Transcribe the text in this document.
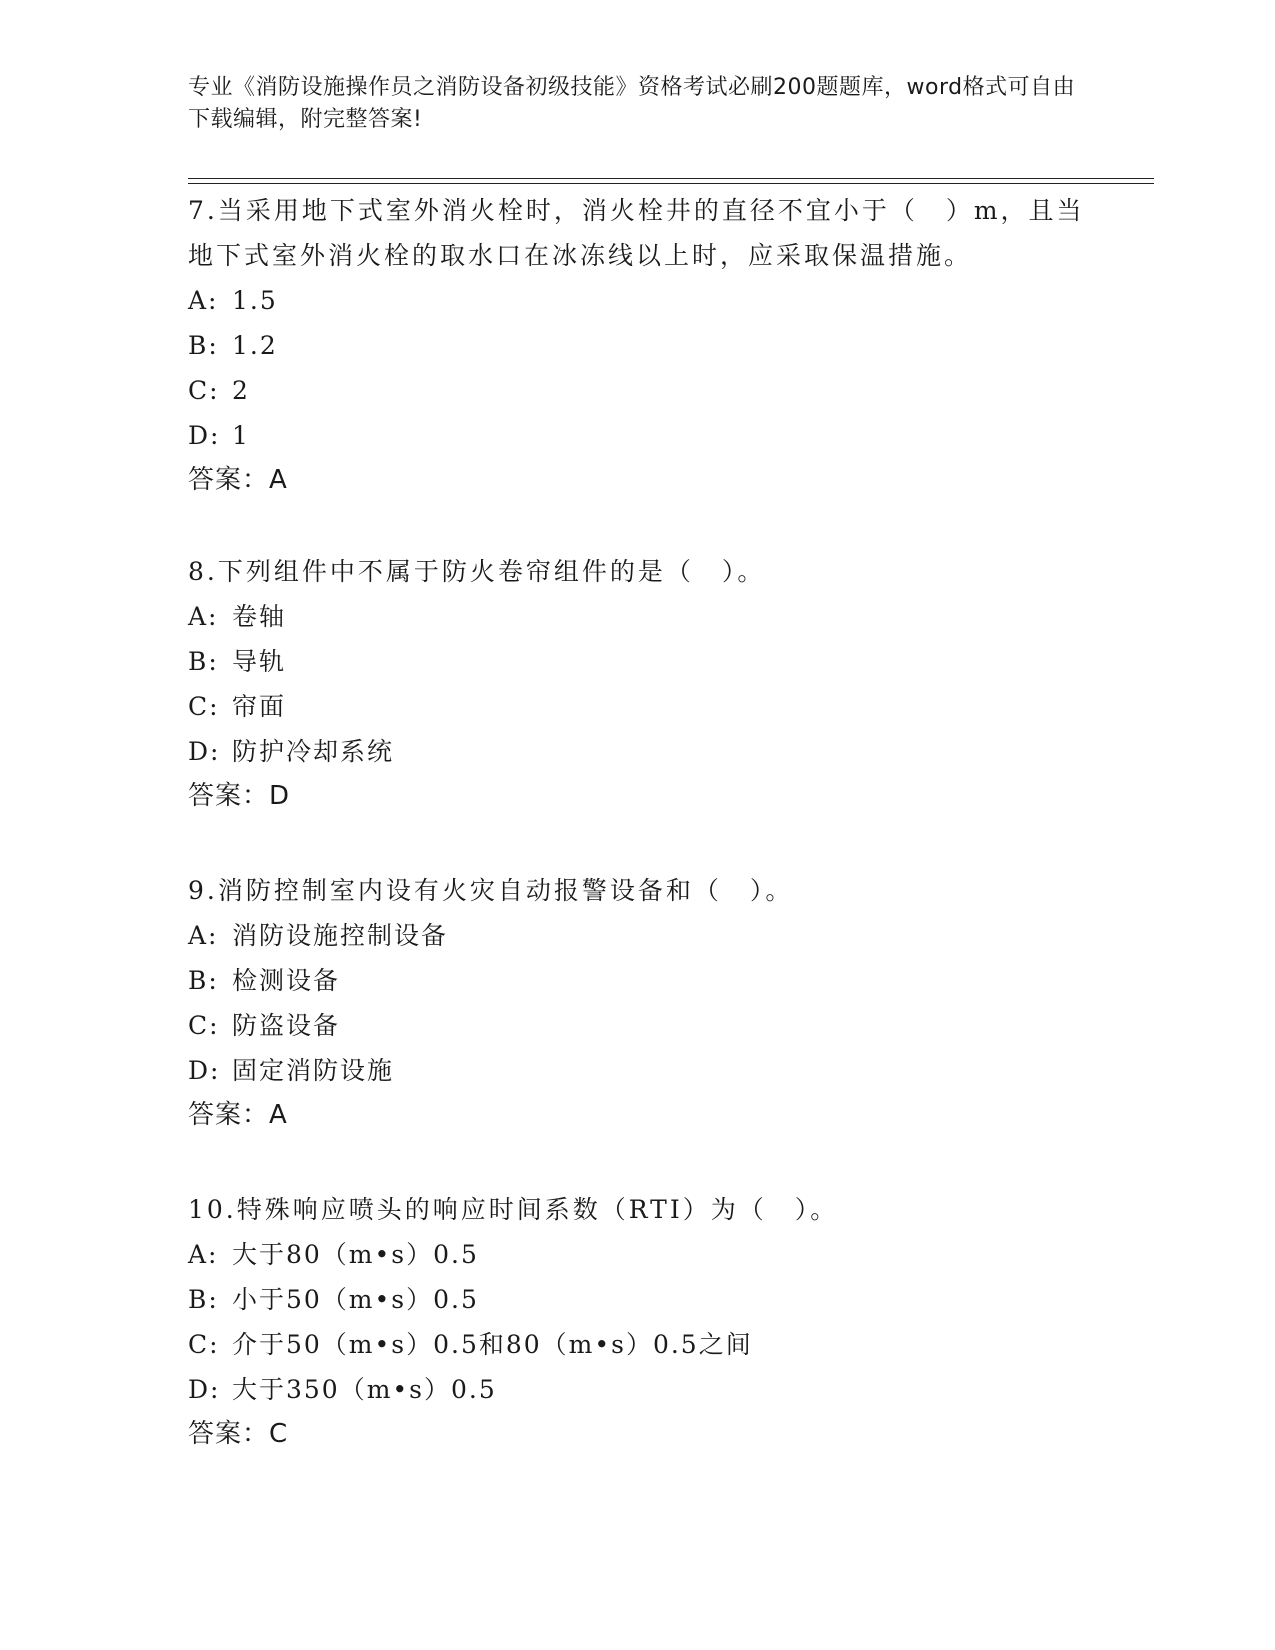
专业《消防设施操作员之消防设备初级技能》资格考试必刷200题题库，word格式可自由下载编辑，附完整答案!

7.当采用地下式室外消火栓时，消火栓井的直径不宜小于（　）m，且当地下式室外消火栓的取水口在冰冻线以上时，应采取保温措施。

A: 1.5
B: 1.2
C: 2
D: 1
答案：A

8.下列组件中不属于防火卷帘组件的是（　）。

A: 卷轴
B: 导轨
C: 帘面
D: 防护冷却系统
答案：D

9.消防控制室内设有火灾自动报警设备和（　）。

A: 消防设施控制设备
B: 检测设备
C: 防盗设备
D: 固定消防设施
答案：A

10.特殊响应喷头的响应时间系数（RTI）为（　）。

A: 大于80（m•s）0.5
B: 小于50（m•s）0.5
C: 介于50（m•s）0.5和80（m•s）0.5之间
D: 大于350（m•s）0.5
答案：C
